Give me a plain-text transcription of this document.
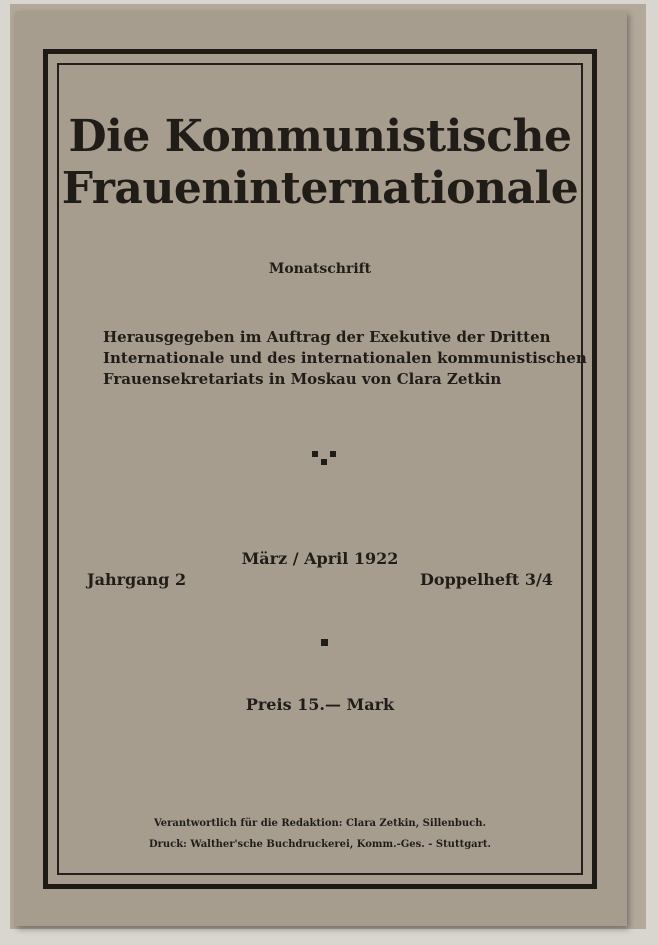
Die Kommunistische
Fraueninternationale
Monatschrift
Herausgegeben im Auftrag der Exekutive der Dritten
Internationale und des internationalen kommunistischen
Frauensekretariats in Moskau von Clara Zetkin
März / April 1922
Jahrgang 2	Doppelheft 3/4
Preis 15.— Mark
Verantwortlich für die Redaktion: Clara Zetkin, Sillenbuch.
Druck: Walther'sche Buchdruckerei, Komm.-Ges. - Stuttgart.
